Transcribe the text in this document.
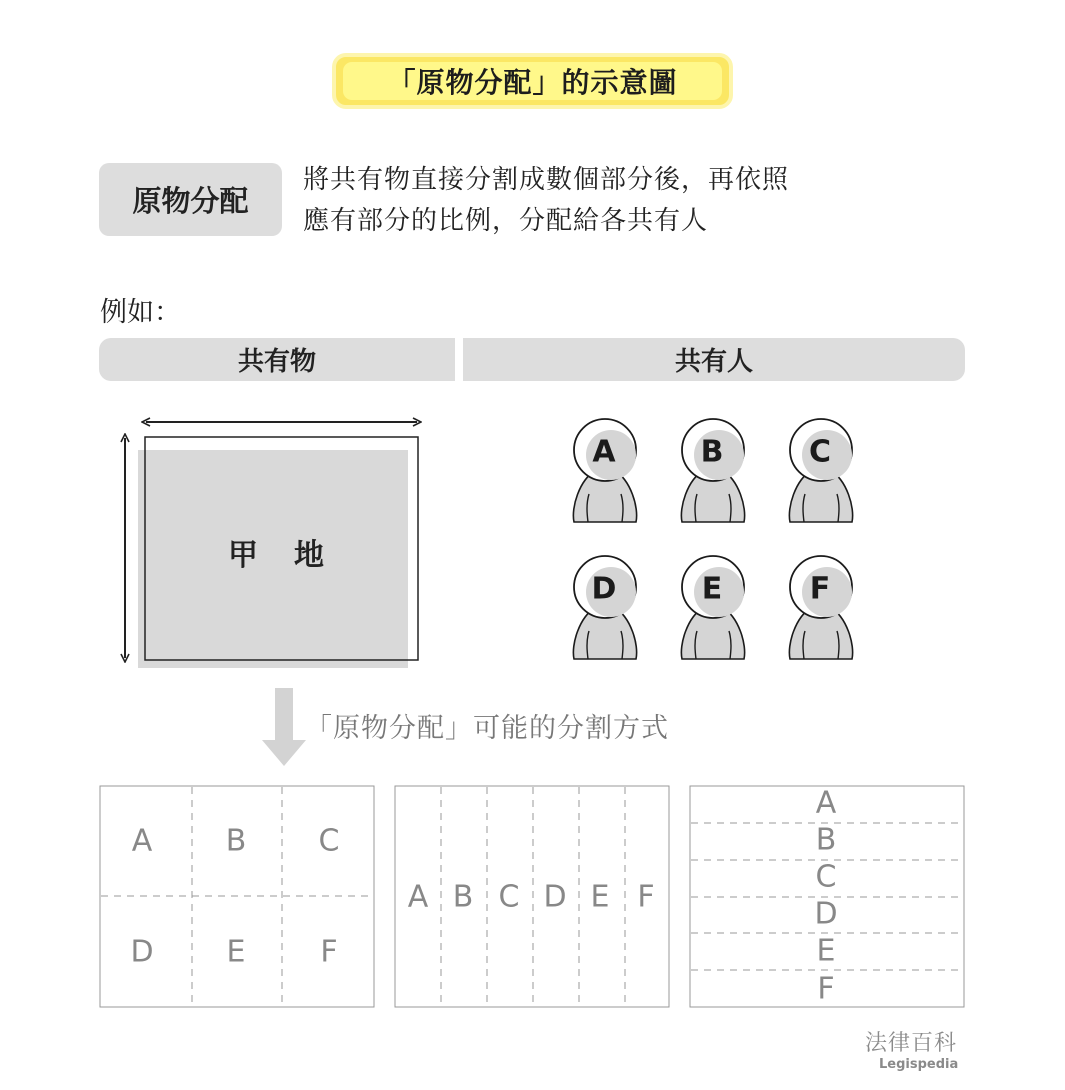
「原物分配」的示意圖
原物分配
將共有物直接分割成數個部分後，再依照
應有部分的比例，分配給各共有人
例如：
共有物	共有人
A	B	C
D	E	F
A B C
D E F
A B C D E F
A
B
C
D
E
F
甲地
「原物分配」可能的分割方式
法律百科
Legispedia
